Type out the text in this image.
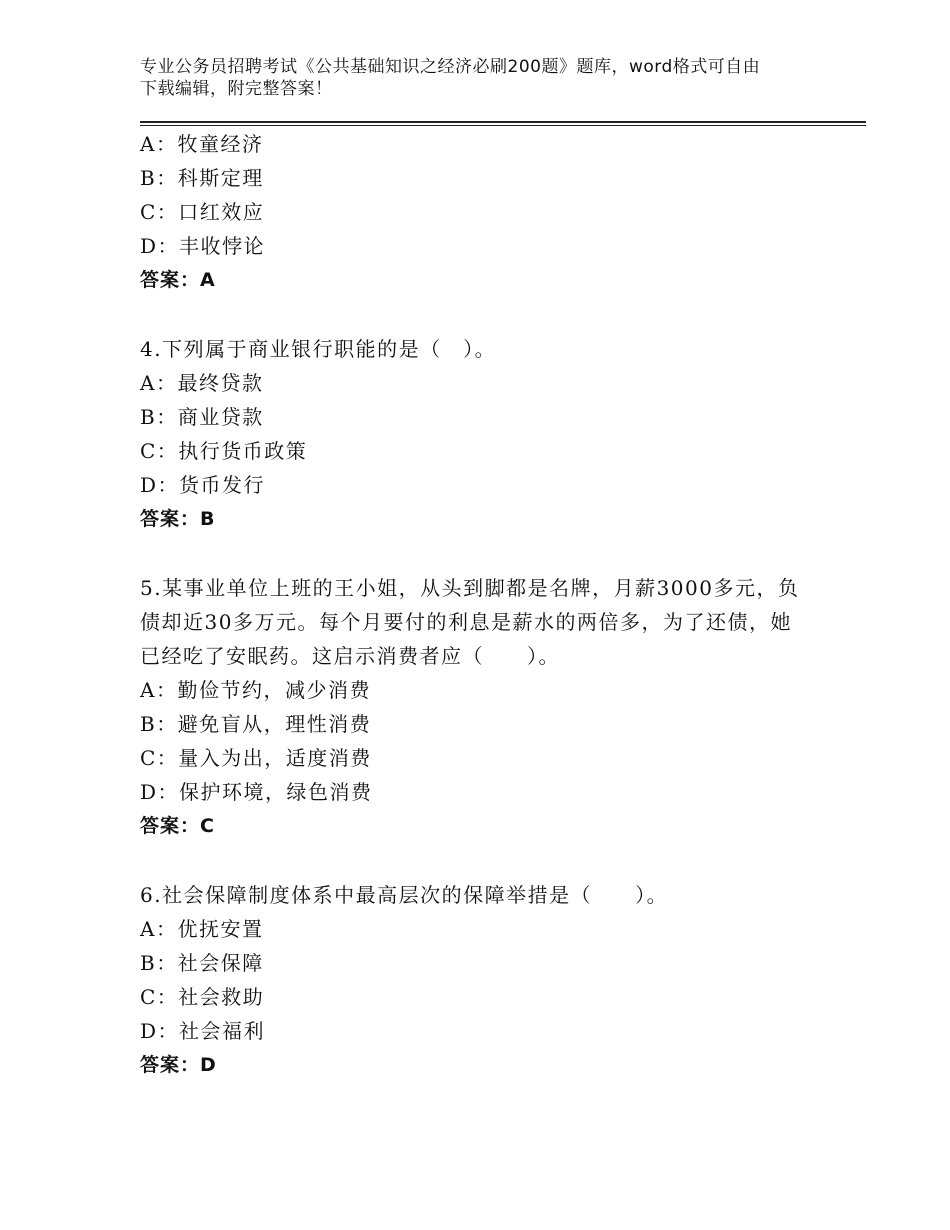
专业公务员招聘考试《公共基础知识之经济必刷200题》题库，word格式可自由
下载编辑，附完整答案！
A：牧童经济
B：科斯定理
C：口红效应
D：丰收悖论
答案：A
4.下列属于商业银行职能的是（　）。
A：最终贷款
B：商业贷款
C：执行货币政策
D：货币发行
答案：B
5.某事业单位上班的王小姐，从头到脚都是名牌，月薪3000多元，负
债却近30多万元。每个月要付的利息是薪水的两倍多，为了还债，她
已经吃了安眠药。这启示消费者应（　　）。
A：勤俭节约，减少消费
B：避免盲从，理性消费
C：量入为出，适度消费
D：保护环境，绿色消费
答案：C
6.社会保障制度体系中最高层次的保障举措是（　　）。
A：优抚安置
B：社会保障
C：社会救助
D：社会福利
答案：D
